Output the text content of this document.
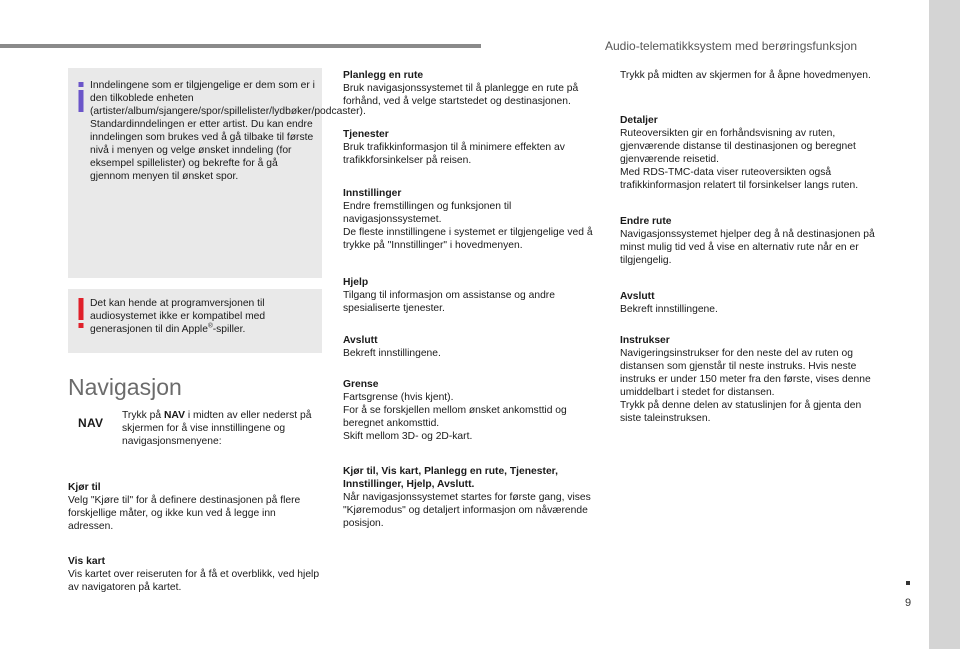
Audio-telematikksystem med berøringsfunksjon
9
Inndelingene som er tilgjengelige er dem som er i den tilkoblede enheten (artister/album/sjangere/spor/spillelister/lydbøker/podcaster). Standardinndelingen er etter artist. Du kan endre inndelingen som brukes ved å gå tilbake til første nivå i menyen og velge ønsket inndeling (for eksempel spillelister) og bekrefte for å gå gjennom menyen til ønsket spor.
Det kan hende at programversjonen til audiosystemet ikke er kompatibel med generasjonen til din Apple®-spiller.
Navigasjon
NAV
Trykk på NAV i midten av eller nederst på skjermen for å vise innstillingene og navigasjonsmenyene:
Kjør til
Velg "Kjøre til" for å definere destinasjonen på flere forskjellige måter, og ikke kun ved å legge inn adressen.
Vis kart
Vis kartet over reiseruten for å få et overblikk, ved hjelp av navigatoren på kartet.
Planlegg en rute
Bruk navigasjonssystemet til å planlegge en rute på forhånd, ved å velge startstedet og destinasjonen.
Tjenester
Bruk trafikkinformasjon til å minimere effekten av trafikkforsinkelser på reisen.
Innstillinger
Endre fremstillingen og funksjonen til navigasjonssystemet.
De fleste innstillingene i systemet er tilgjengelige ved å trykke på "Innstillinger" i hovedmenyen.
Hjelp
Tilgang til informasjon om assistanse og andre spesialiserte tjenester.
Avslutt
Bekreft innstillingene.
Grense
Fartsgrense (hvis kjent).
For å se forskjellen mellom ønsket ankomsttid og beregnet ankomsttid.
Skift mellom 3D- og 2D-kart.
Kjør til, Vis kart, Planlegg en rute, Tjenester, Innstillinger, Hjelp, Avslutt.
Når navigasjonssystemet startes for første gang, vises "Kjøremodus" og detaljert informasjon om nåværende posisjon.
Trykk på midten av skjermen for å åpne hovedmenyen.
Detaljer
Ruteoversikten gir en forhåndsvisning av ruten, gjenværende distanse til destinasjonen og beregnet gjenværende reisetid.
Med RDS-TMC-data viser ruteoversikten også trafikkinformasjon relatert til forsinkelser langs ruten.
Endre rute
Navigasjonssystemet hjelper deg å nå destinasjonen på minst mulig tid ved å vise en alternativ rute når en er tilgjengelig.
Avslutt
Bekreft innstillingene.
Instrukser
Navigeringsinstrukser for den neste del av ruten og distansen som gjenstår til neste instruks. Hvis neste instruks er under 150 meter fra den første, vises denne umiddelbart i stedet for distansen.
Trykk på denne delen av statuslinjen for å gjenta den siste taleinstruksen.
